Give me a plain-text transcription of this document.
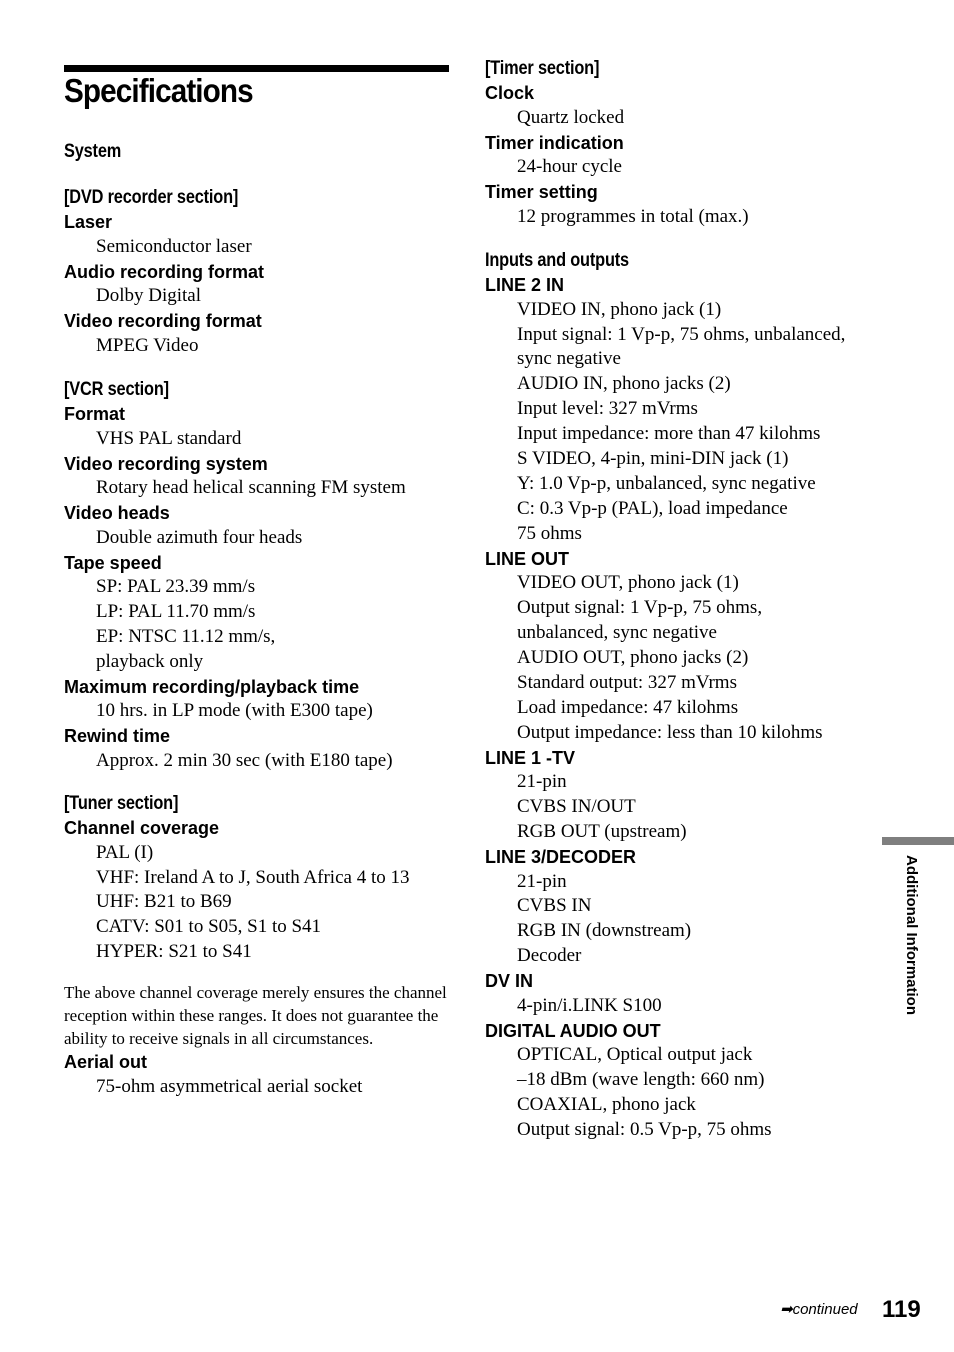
Specifications
System
[DVD recorder section]
Laser
Semiconductor laser
Audio recording format
Dolby Digital
Video recording format
MPEG Video
[VCR section]
Format
VHS PAL standard
Video recording system
Rotary head helical scanning FM system
Video heads
Double azimuth four heads
Tape speed
SP: PAL 23.39 mm/s
LP: PAL 11.70 mm/s
EP: NTSC 11.12 mm/s,
playback only
Maximum recording/playback time
10 hrs. in LP mode (with E300 tape)
Rewind time
Approx. 2 min 30 sec (with E180 tape)
[Tuner section]
Channel coverage
PAL (I)
VHF: Ireland A to J, South Africa 4 to 13
UHF: B21 to B69
CATV: S01 to S05, S1 to S41
HYPER: S21 to S41
The above channel coverage merely ensures the channel reception within these ranges. It does not guarantee the ability to receive signals in all circumstances.
Aerial out
75-ohm asymmetrical aerial socket
[Timer section]
Clock
Quartz locked
Timer indication
24-hour cycle
Timer setting
12 programmes in total (max.)
Inputs and outputs
LINE 2 IN
VIDEO IN, phono jack (1)
Input signal: 1 Vp-p, 75 ohms, unbalanced,
sync negative
AUDIO IN, phono jacks (2)
Input level: 327 mVrms
Input impedance: more than 47 kilohms
S VIDEO, 4-pin, mini-DIN jack (1)
Y: 1.0 Vp-p, unbalanced, sync negative
C: 0.3 Vp-p (PAL), load impedance
75 ohms
LINE OUT
VIDEO OUT, phono jack (1)
Output signal: 1 Vp-p, 75 ohms,
unbalanced, sync negative
AUDIO OUT, phono jacks (2)
Standard output: 327 mVrms
Load impedance: 47 kilohms
Output impedance: less than 10 kilohms
LINE 1 -TV
21-pin
CVBS IN/OUT
RGB OUT (upstream)
LINE 3/DECODER
21-pin
CVBS IN
RGB IN (downstream)
Decoder
DV IN
4-pin/i.LINK S100
DIGITAL AUDIO OUT
OPTICAL, Optical output jack
–18 dBm (wave length: 660 nm)
COAXIAL, phono jack
Output signal: 0.5 Vp-p, 75 ohms
Additional Information
➡continued 119
